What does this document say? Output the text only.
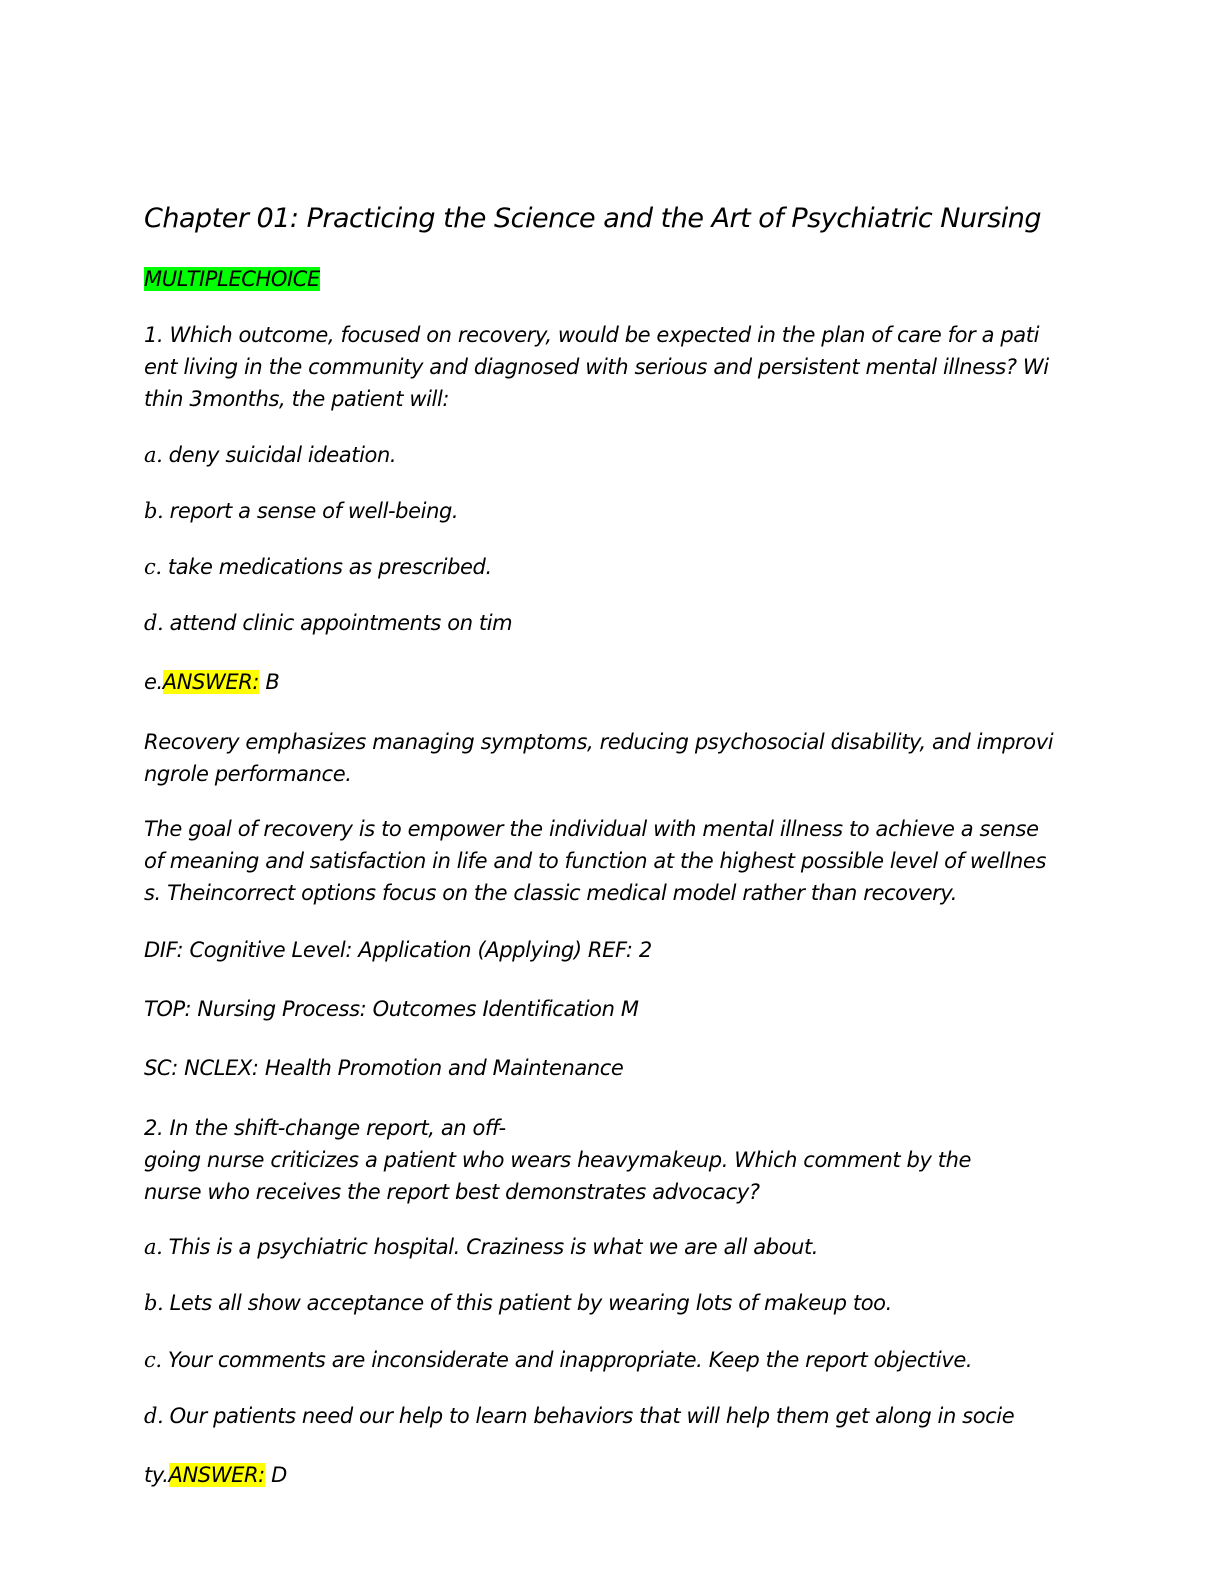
Chapter 01: Practicing the Science and the Art of Psychiatric Nursing
MULTIPLECHOICE
1. Which outcome, focused on recovery, would be expected in the plan of care for a pati
ent living in the community and diagnosed with serious and persistent mental illness? Wi
thin 3months, the patient will:
a. deny suicidal ideation.
b. report a sense of well-being.
c. take medications as prescribed.
d. attend clinic appointments on tim
e.ANSWER: B
Recovery emphasizes managing symptoms, reducing psychosocial disability, and improvi
ngrole performance.
The goal of recovery is to empower the individual with mental illness to achieve a sense
of meaning and satisfaction in life and to function at the highest possible level of wellnes
s. Theincorrect options focus on the classic medical model rather than recovery.
DIF: Cognitive Level: Application (Applying) REF: 2
TOP: Nursing Process: Outcomes Identification M
SC: NCLEX: Health Promotion and Maintenance
2. In the shift-change report, an off-
going nurse criticizes a patient who wears heavymakeup. Which comment by the
nurse who receives the report best demonstrates advocacy?
a. This is a psychiatric hospital. Craziness is what we are all about.
b. Lets all show acceptance of this patient by wearing lots of makeup too.
c. Your comments are inconsiderate and inappropriate. Keep the report objective.
d. Our patients need our help to learn behaviors that will help them get along in socie
ty.ANSWER: D
